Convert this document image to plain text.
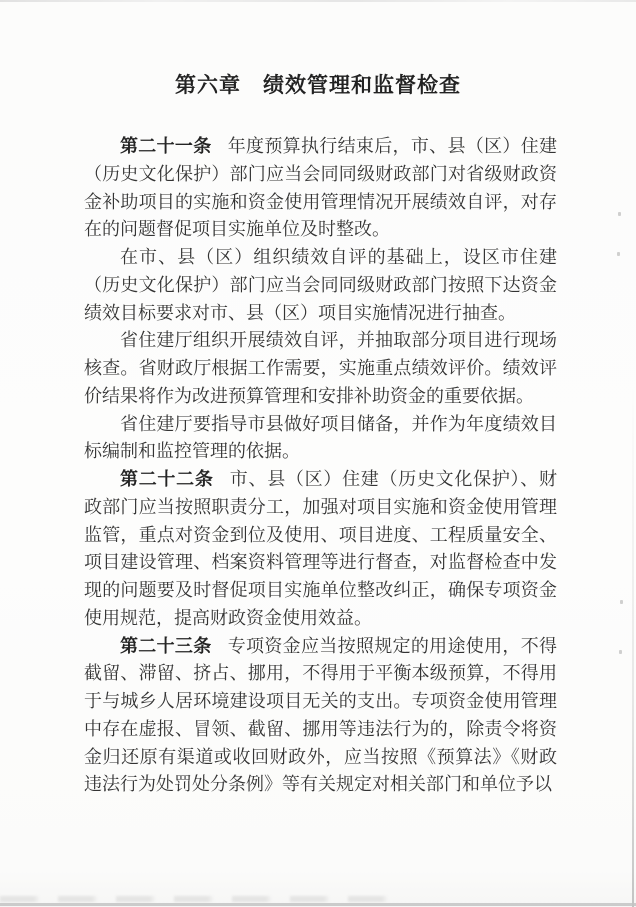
第六章　绩效管理和监督检查

第二十一条 年度预算执行结束后，市、县（区）住建（历史文化保护）部门应当会同同级财政部门对省级财政资金补助项目的实施和资金使用管理情况开展绩效自评，对存在的问题督促项目实施单位及时整改。

在市、县（区）组织绩效自评的基础上，设区市住建（历史文化保护）部门应当会同同级财政部门按照下达资金绩效目标要求对市、县（区）项目实施情况进行抽查。

省住建厅组织开展绩效自评，并抽取部分项目进行现场核查。省财政厅根据工作需要，实施重点绩效评价。绩效评价结果将作为改进预算管理和安排补助资金的重要依据。

省住建厅要指导市县做好项目储备，并作为年度绩效目标编制和监控管理的依据。

第二十二条 市、县（区）住建（历史文化保护）、财政部门应当按照职责分工，加强对项目实施和资金使用管理监管，重点对资金到位及使用、项目进度、工程质量安全、项目建设管理、档案资料管理等进行督查，对监督检查中发现的问题要及时督促项目实施单位整改纠正，确保专项资金使用规范，提高财政资金使用效益。

第二十三条 专项资金应当按照规定的用途使用，不得截留、滞留、挤占、挪用，不得用于平衡本级预算，不得用于与城乡人居环境建设项目无关的支出。专项资金使用管理中存在虚报、冒领、截留、挪用等违法行为的，除责令将资金归还原有渠道或收回财政外，应当按照《预算法》《财政违法行为处罚处分条例》等有关规定对相关部门和单位予以
